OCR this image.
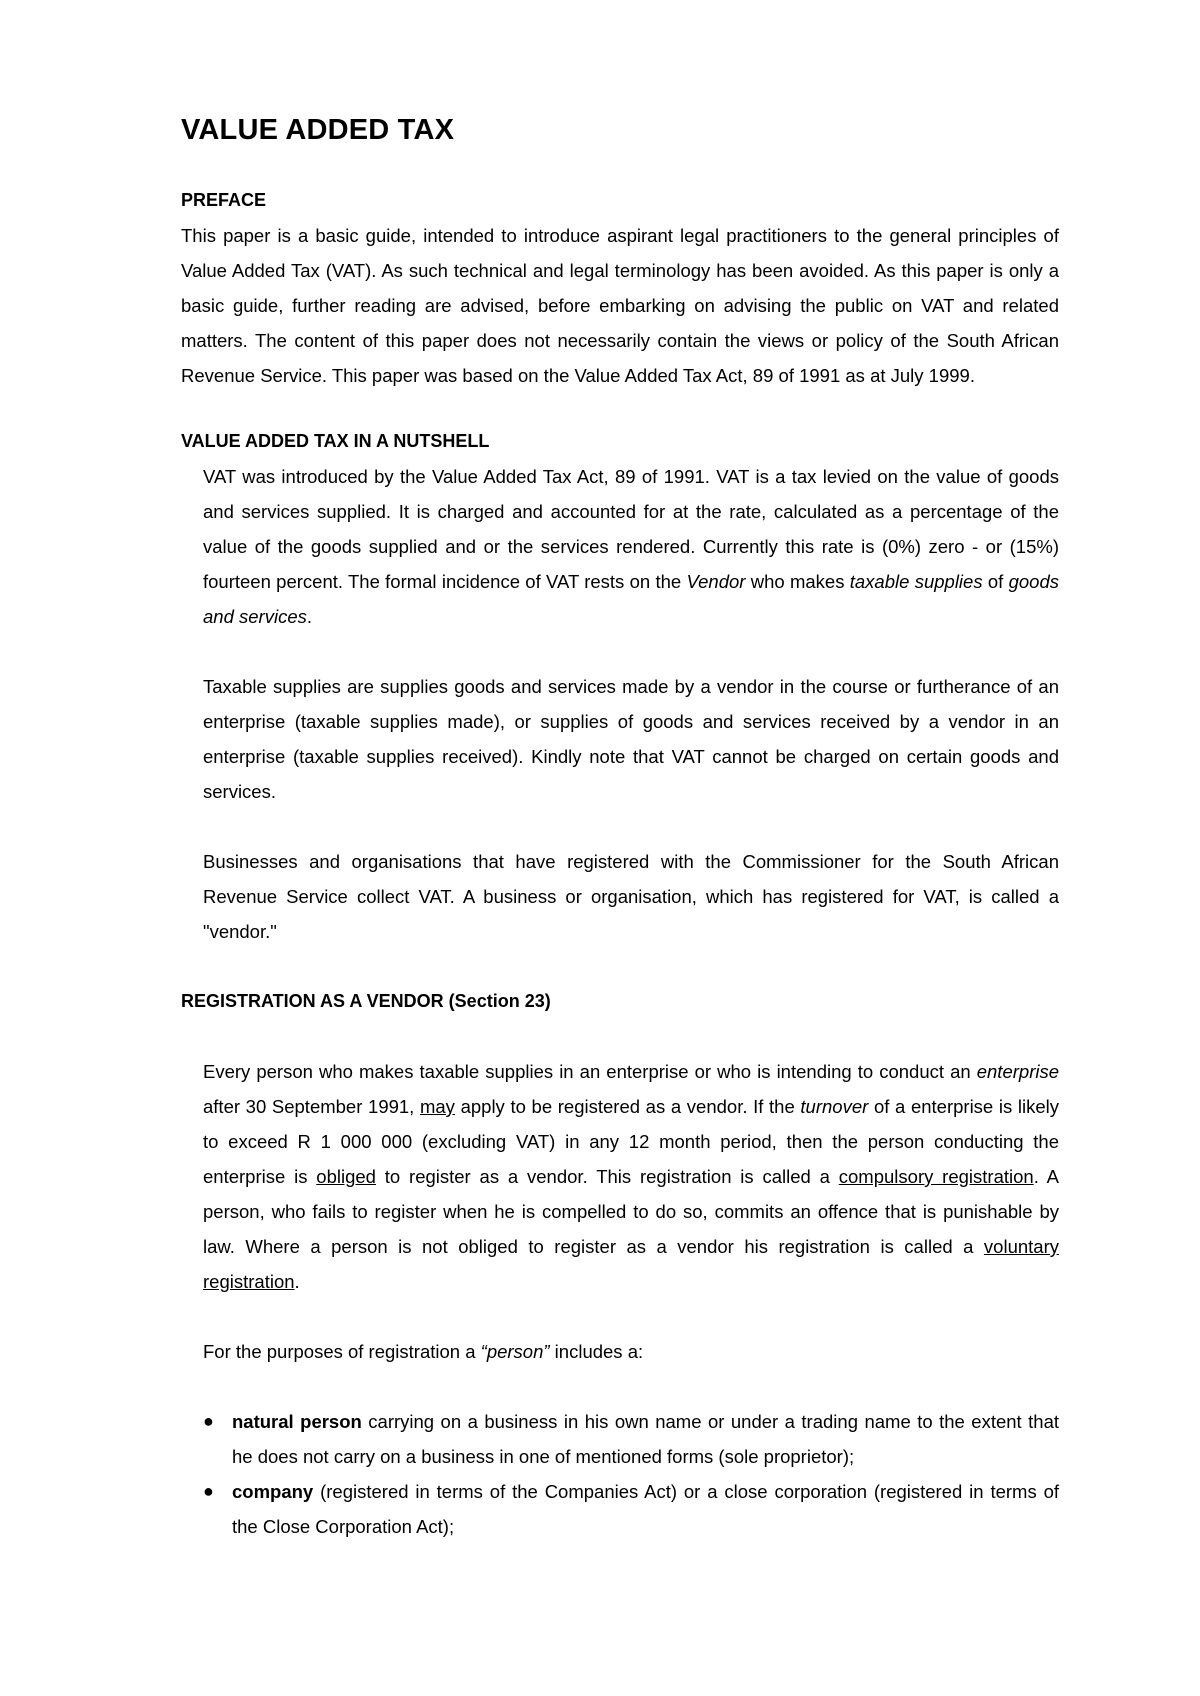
VALUE ADDED TAX
PREFACE

This paper is a basic guide, intended to introduce aspirant legal practitioners to the general principles of Value Added Tax (VAT). As such technical and legal terminology has been avoided. As this paper is only a basic guide, further reading are advised, before embarking on advising the public on VAT and related matters. The content of this paper does not necessarily contain the views or policy of the South African Revenue Service. This paper was based on the Value Added Tax Act, 89 of 1991 as at July 1999.

VALUE ADDED TAX IN A NUTSHELL

VAT was introduced by the Value Added Tax Act, 89 of 1991. VAT is a tax levied on the value of goods and services supplied. It is charged and accounted for at the rate, calculated as a percentage of the value of the goods supplied and or the services rendered. Currently this rate is (0%) zero - or (15%) fourteen percent. The formal incidence of VAT rests on the Vendor who makes taxable supplies of goods and services.

Taxable supplies are supplies goods and services made by a vendor in the course or furtherance of an enterprise (taxable supplies made), or supplies of goods and services received by a vendor in an enterprise (taxable supplies received). Kindly note that VAT cannot be charged on certain goods and services.

Businesses and organisations that have registered with the Commissioner for the South African Revenue Service collect VAT. A business or organisation, which has registered for VAT, is called a "vendor."

REGISTRATION AS A VENDOR (Section 23)

Every person who makes taxable supplies in an enterprise or who is intending to conduct an enterprise after 30 September 1991, may apply to be registered as a vendor. If the turnover of a enterprise is likely to exceed R 1 000 000 (excluding VAT) in any 12 month period, then the person conducting the enterprise is obliged to register as a vendor. This registration is called a compulsory registration. A person, who fails to register when he is compelled to do so, commits an offence that is punishable by law. Where a person is not obliged to register as a vendor his registration is called a voluntary registration.

For the purposes of registration a “person” includes a:

● natural person carrying on a business in his own name or under a trading name to the extent that he does not carry on a business in one of mentioned forms (sole proprietor);
● company (registered in terms of the Companies Act) or a close corporation (registered in terms of the Close Corporation Act);
